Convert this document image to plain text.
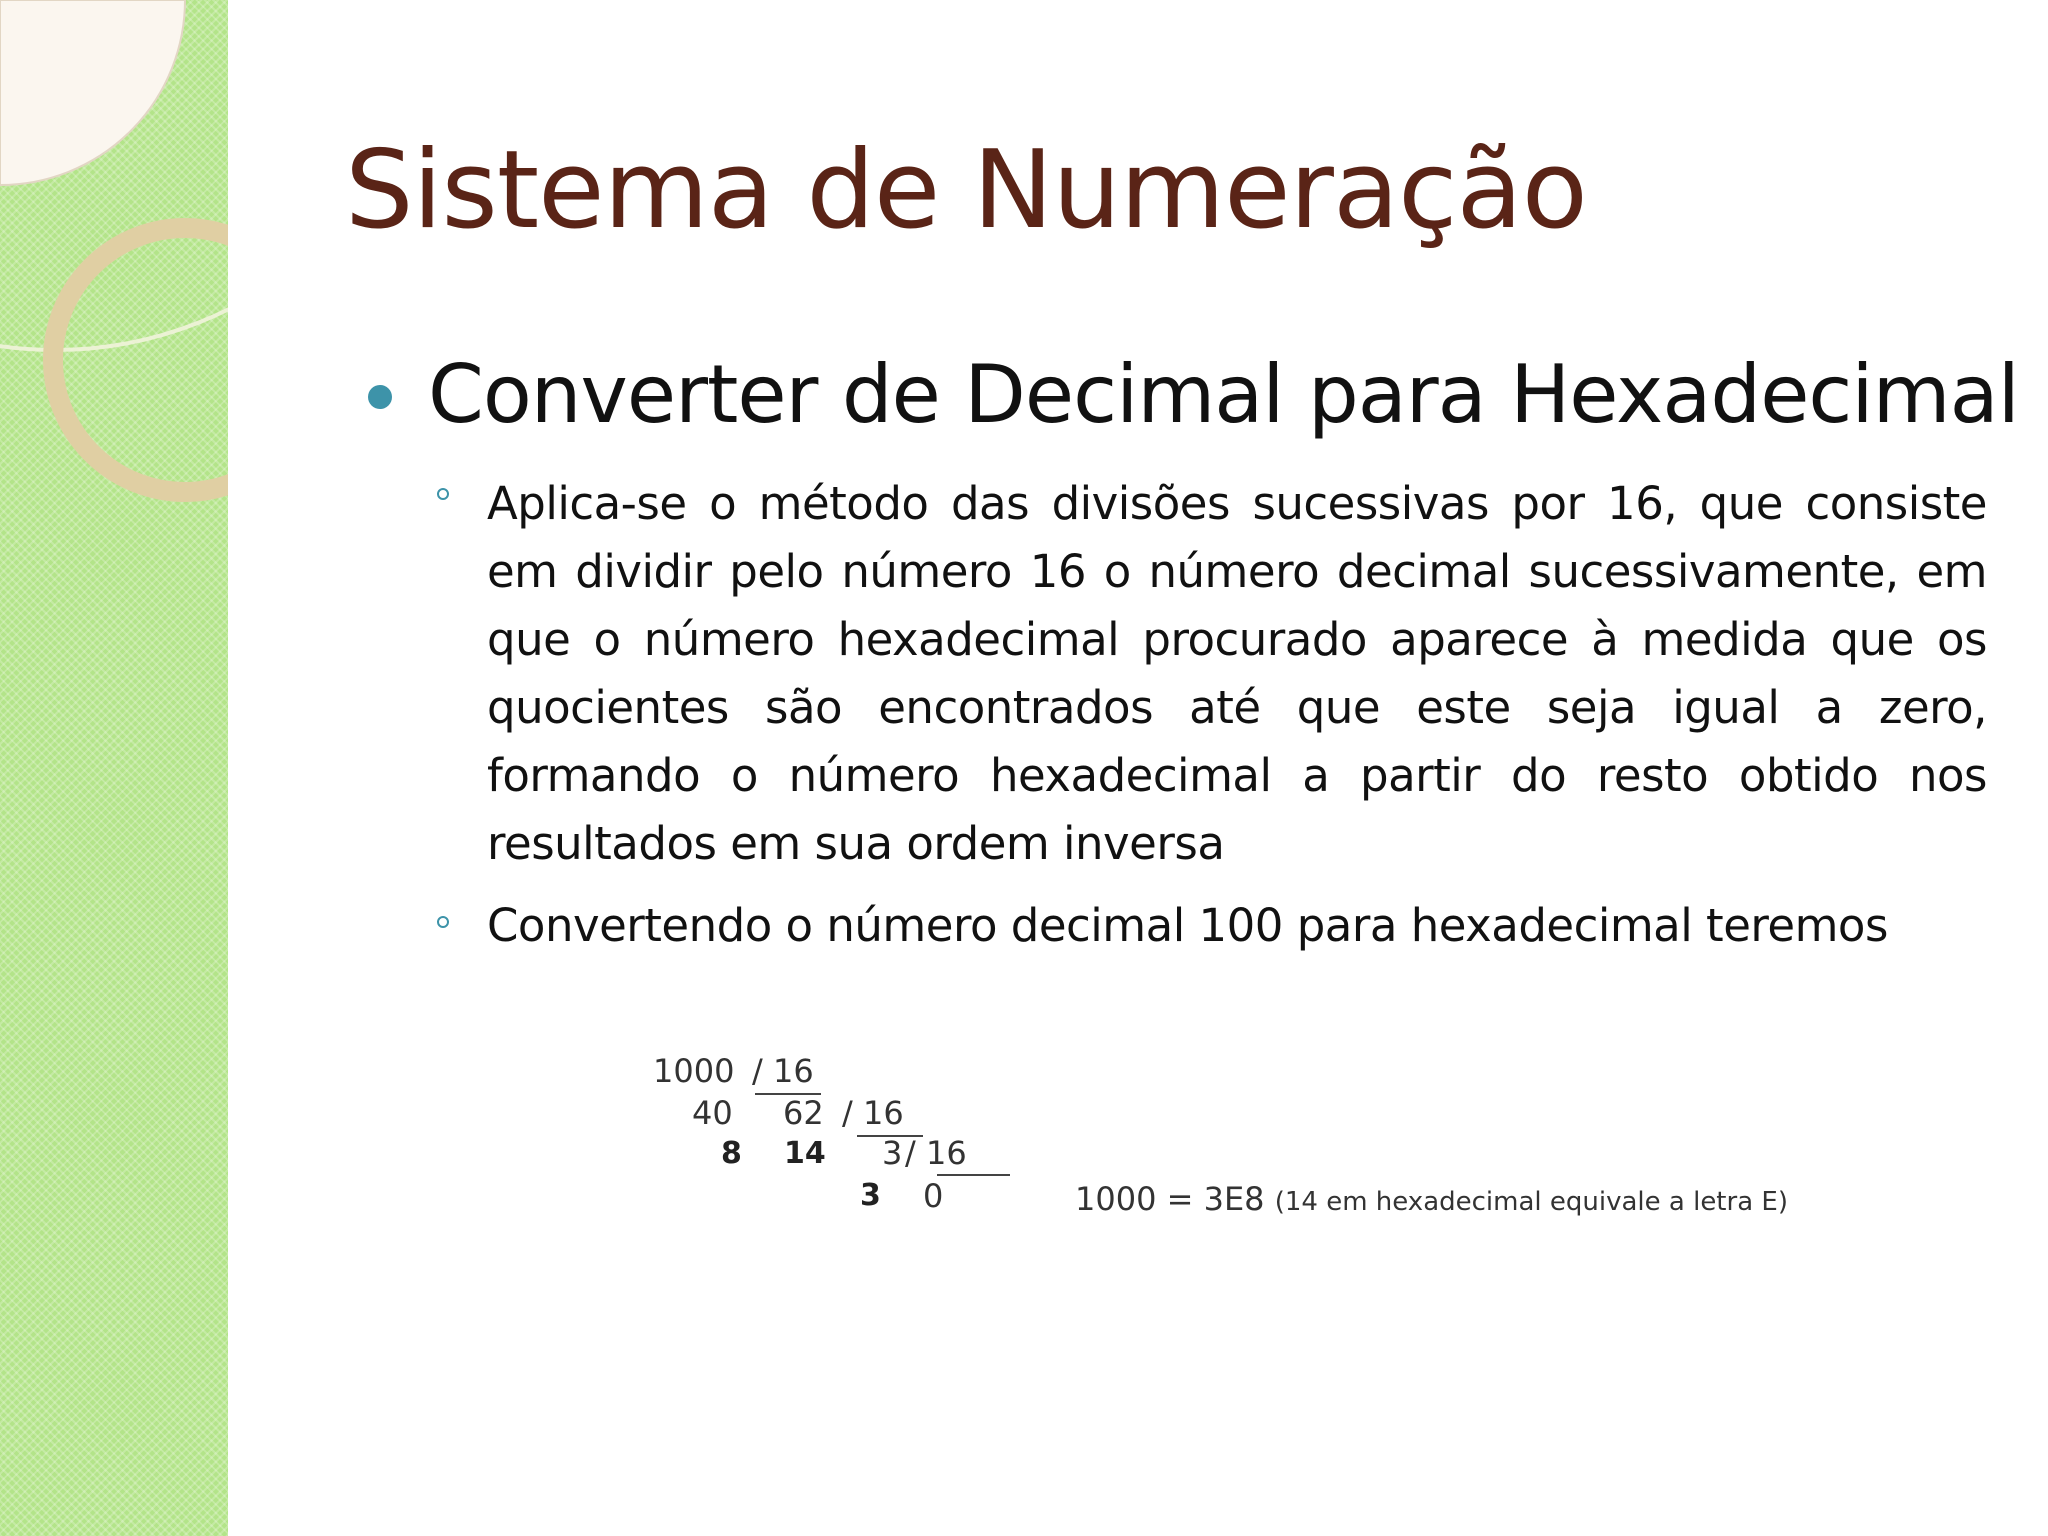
Sistema de Numeração
Converter de Decimal para Hexadecimal
Aplica-se o método das divisões sucessivas por 16, que consiste em dividir pelo número 16 o número decimal sucessivamente, em que o número hexadecimal procurado aparece à medida que os quocientes são encontrados até que este seja igual a zero, formando o número hexadecimal a partir do resto obtido nos resultados em sua ordem inversa
Convertendo o número decimal 100 para hexadecimal teremos
1000 / 16
40 62 / 16
8 14 3 / 16
3 0	1000 = 3E8 (14 em hexadecimal equivale a letra E)
